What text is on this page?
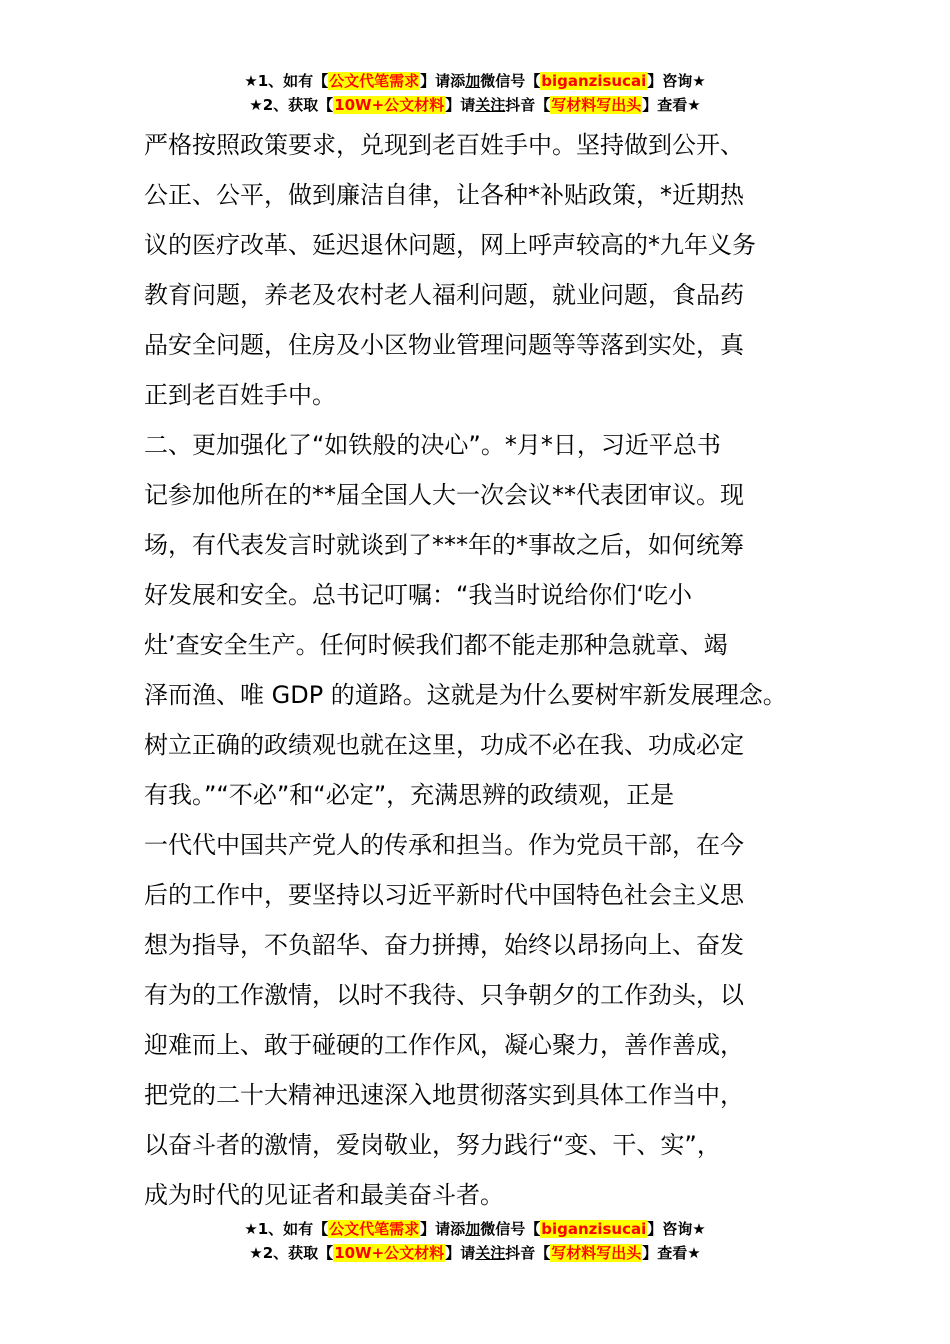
★1、如有【公文代笔需求】请添加微信号【biganzisucai】咨询★
★2、获取【10W+公文材料】请关注抖音【写材料写出头】查看★

严格按照政策要求，兑现到老百姓手中。坚持做到公开、

公正、公平，做到廉洁自律，让各种*补贴政策，*近期热

议的医疗改革、延迟退休问题，网上呼声较高的*九年义务

教育问题，养老及农村老人福利问题，就业问题，食品药

品安全问题，住房及小区物业管理问题等等落到实处，真

正到老百姓手中。

二、更加强化了“如铁般的决心”。*月*日，习近平总书

记参加他所在的**届全国人大一次会议**代表团审议。现

场，有代表发言时就谈到了***年的*事故之后，如何统筹

好发展和安全。总书记叮嘱：“我当时说给你们‘吃小

灶’查安全生产。任何时候我们都不能走那种急就章、竭

泽而渔、唯 GDP 的道路。这就是为什么要树牢新发展理念。

树立正确的政绩观也就在这里，功成不必在我、功成必定

有我。”“不必”和“必定”，充满思辨的政绩观，正是

一代代中国共产党人的传承和担当。作为党员干部，在今

后的工作中，要坚持以习近平新时代中国特色社会主义思

想为指导，不负韶华、奋力拼搏，始终以昂扬向上、奋发

有为的工作激情，以时不我待、只争朝夕的工作劲头，以

迎难而上、敢于碰硬的工作作风，凝心聚力，善作善成，

把党的二十大精神迅速深入地贯彻落实到具体工作当中，

以奋斗者的激情，爱岗敬业，努力践行“变、干、实”，

成为时代的见证者和最美奋斗者。

★1、如有【公文代笔需求】请添加微信号【biganzisucai】咨询★
★2、获取【10W+公文材料】请关注抖音【写材料写出头】查看★
